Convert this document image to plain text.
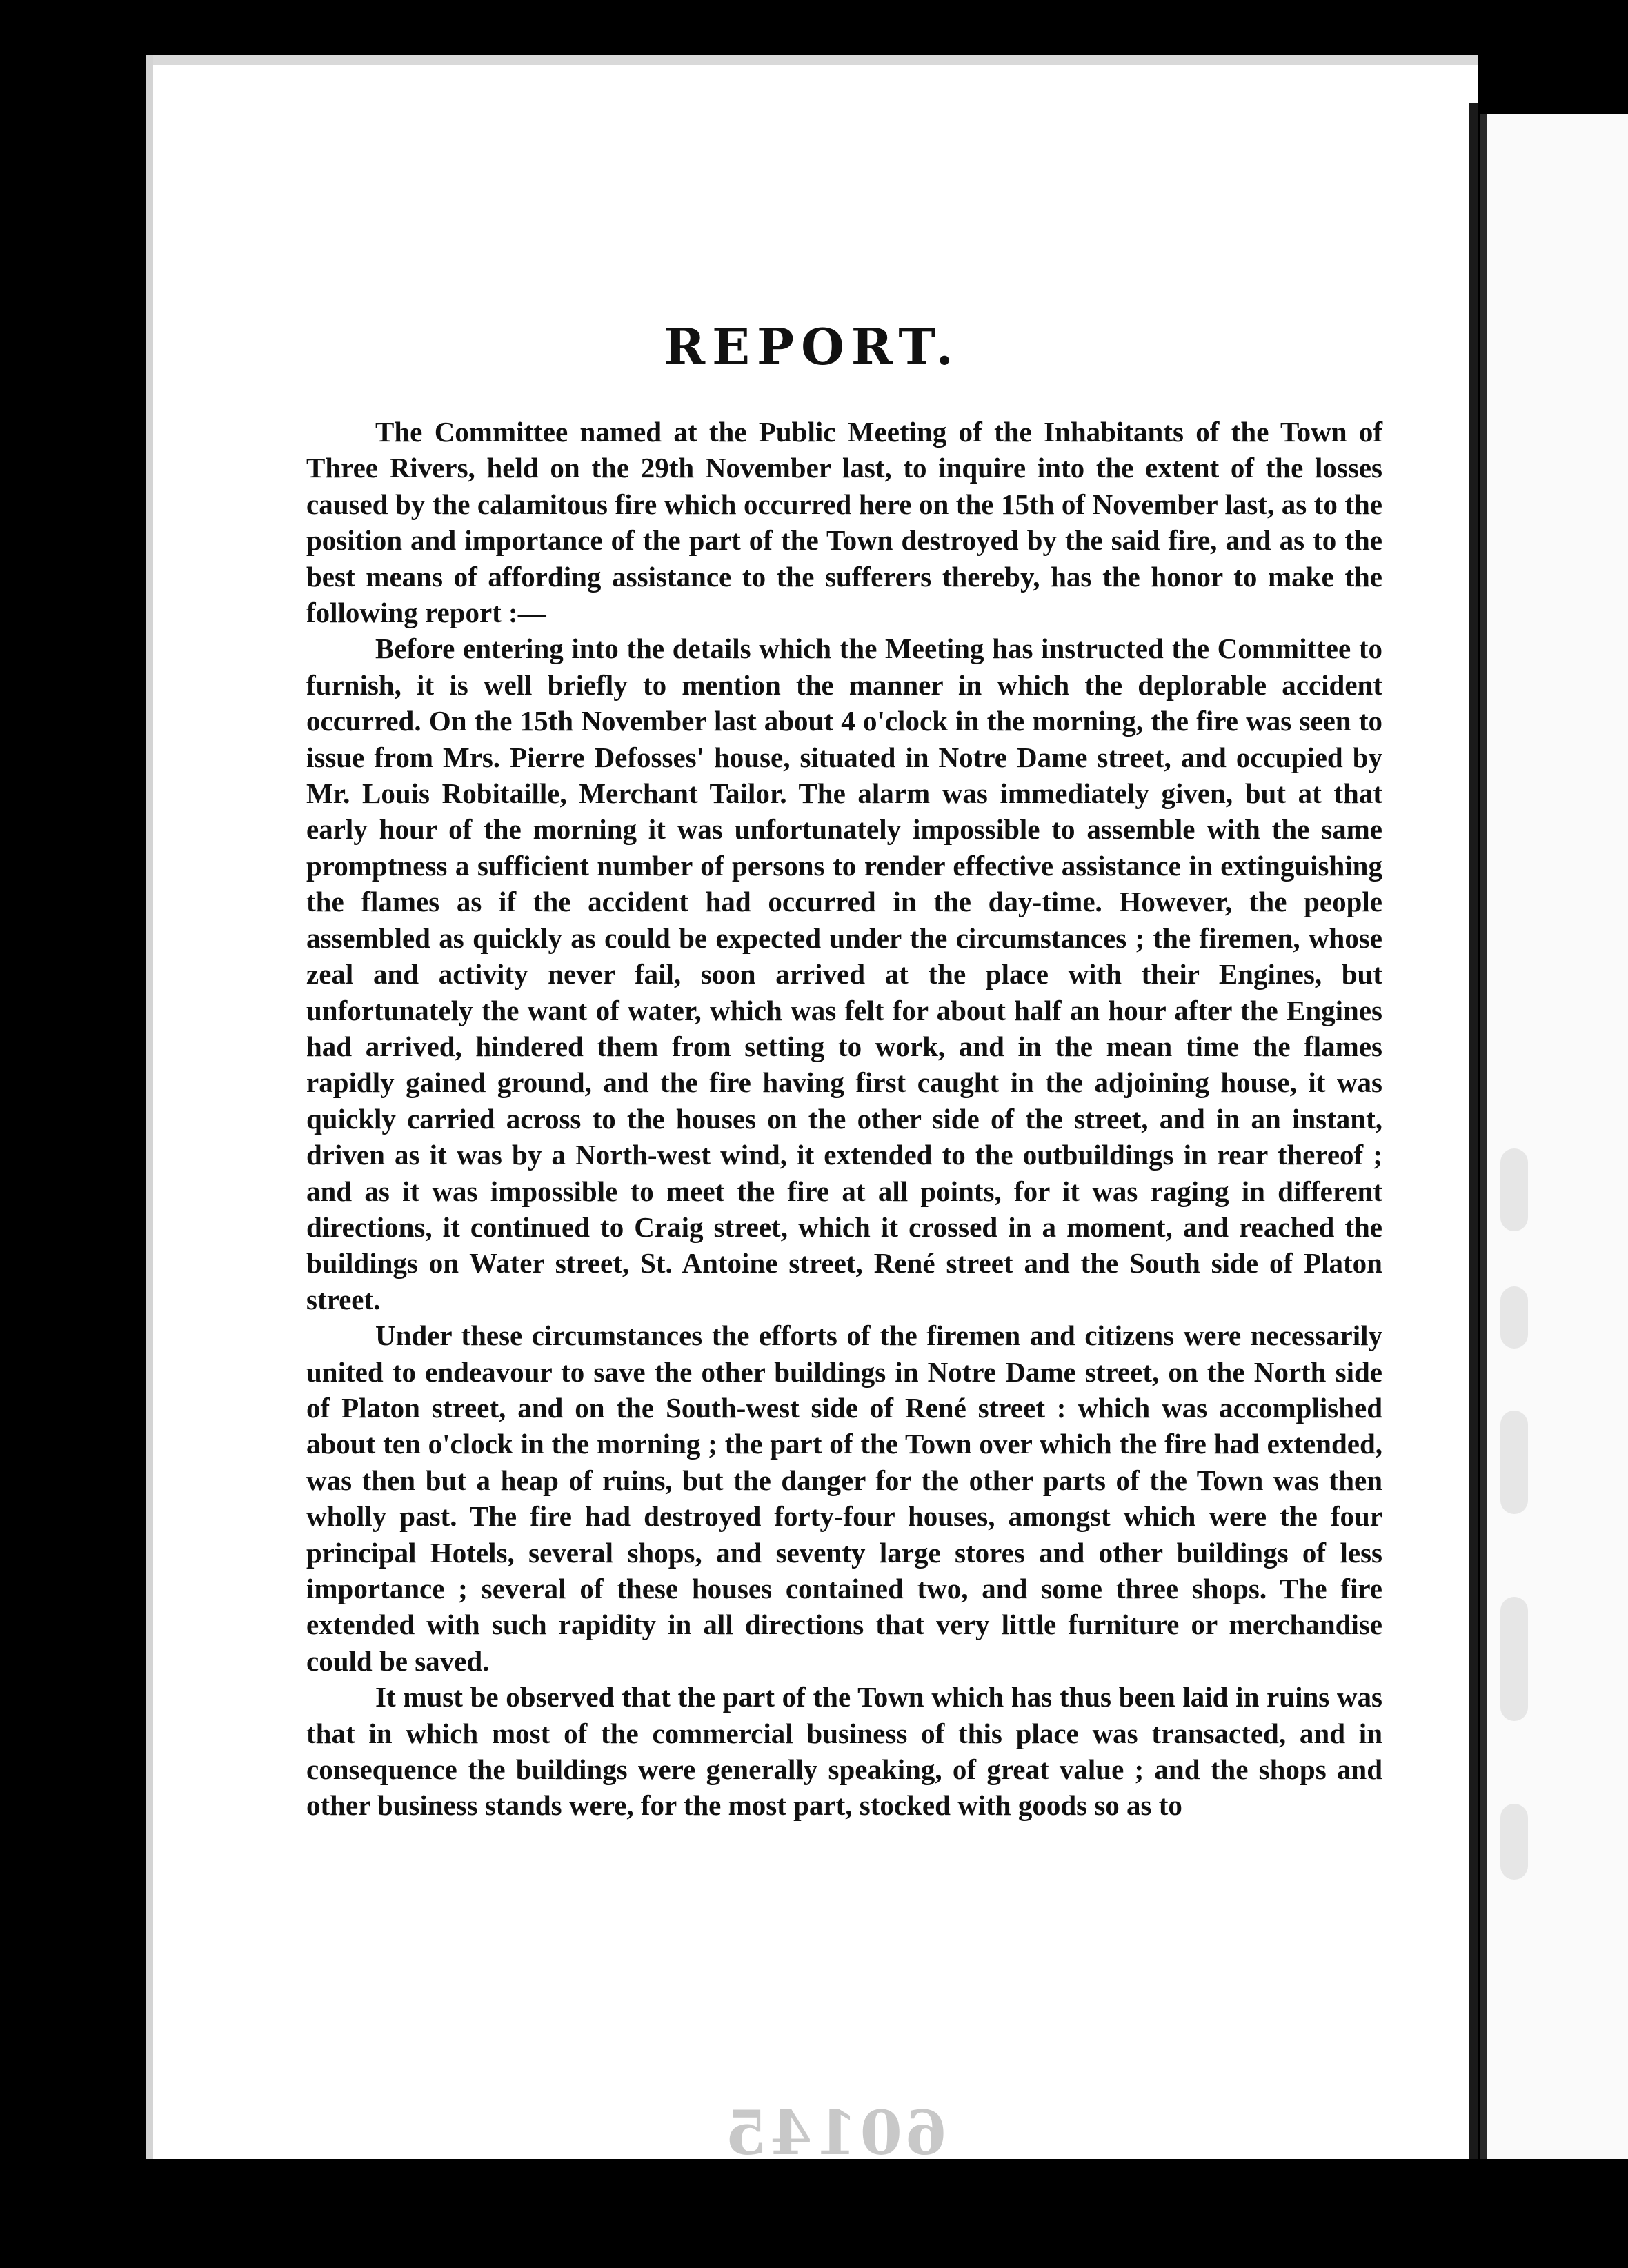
REPORT.

The Committee named at the Public Meeting of the Inhabitants of the Town of Three Rivers, held on the 29th November last, to inquire into the extent of the losses caused by the calamitous fire which occurred here on the 15th of November last, as to the position and importance of the part of the Town destroyed by the said fire, and as to the best means of affording assistance to the sufferers thereby, has the honor to make the following report :—

Before entering into the details which the Meeting has instructed the Committee to furnish, it is well briefly to mention the manner in which the deplorable accident occurred. On the 15th November last about 4 o'clock in the morning, the fire was seen to issue from Mrs. Pierre Defosses' house, situated in Notre Dame street, and occupied by Mr. Louis Robitaille, Merchant Tailor. The alarm was immediately given, but at that early hour of the morning it was unfortunately impossible to assemble with the same promptness a sufficient number of persons to render effective assistance in extinguishing the flames as if the accident had occurred in the day-time. However, the people assembled as quickly as could be expected under the circumstances ; the firemen, whose zeal and activity never fail, soon arrived at the place with their Engines, but unfortunately the want of water, which was felt for about half an hour after the Engines had arrived, hindered them from setting to work, and in the mean time the flames rapidly gained ground, and the fire having first caught in the adjoining house, it was quickly carried across to the houses on the other side of the street, and in an instant, driven as it was by a North-west wind, it extended to the outbuildings in rear thereof ; and as it was impossible to meet the fire at all points, for it was raging in different directions, it continued to Craig street, which it crossed in a moment, and reached the buildings on Water street, St. Antoine street, René street and the South side of Platon street.

Under these circumstances the efforts of the firemen and citizens were necessarily united to endeavour to save the other buildings in Notre Dame street, on the North side of Platon street, and on the South-west side of René street : which was accomplished about ten o'clock in the morning ; the part of the Town over which the fire had extended, was then but a heap of ruins, but the danger for the other parts of the Town was then wholly past. The fire had destroyed forty-four houses, amongst which were the four principal Hotels, several shops, and seventy large stores and other buildings of less importance ; several of these houses contained two, and some three shops. The fire extended with such rapidity in all directions that very little furniture or merchandise could be saved.

It must be observed that the part of the Town which has thus been laid in ruins was that in which most of the commercial business of this place was transacted, and in consequence the buildings were generally speaking, of great value ; and the shops and other business stands were, for the most part, stocked with goods so as to

60145
